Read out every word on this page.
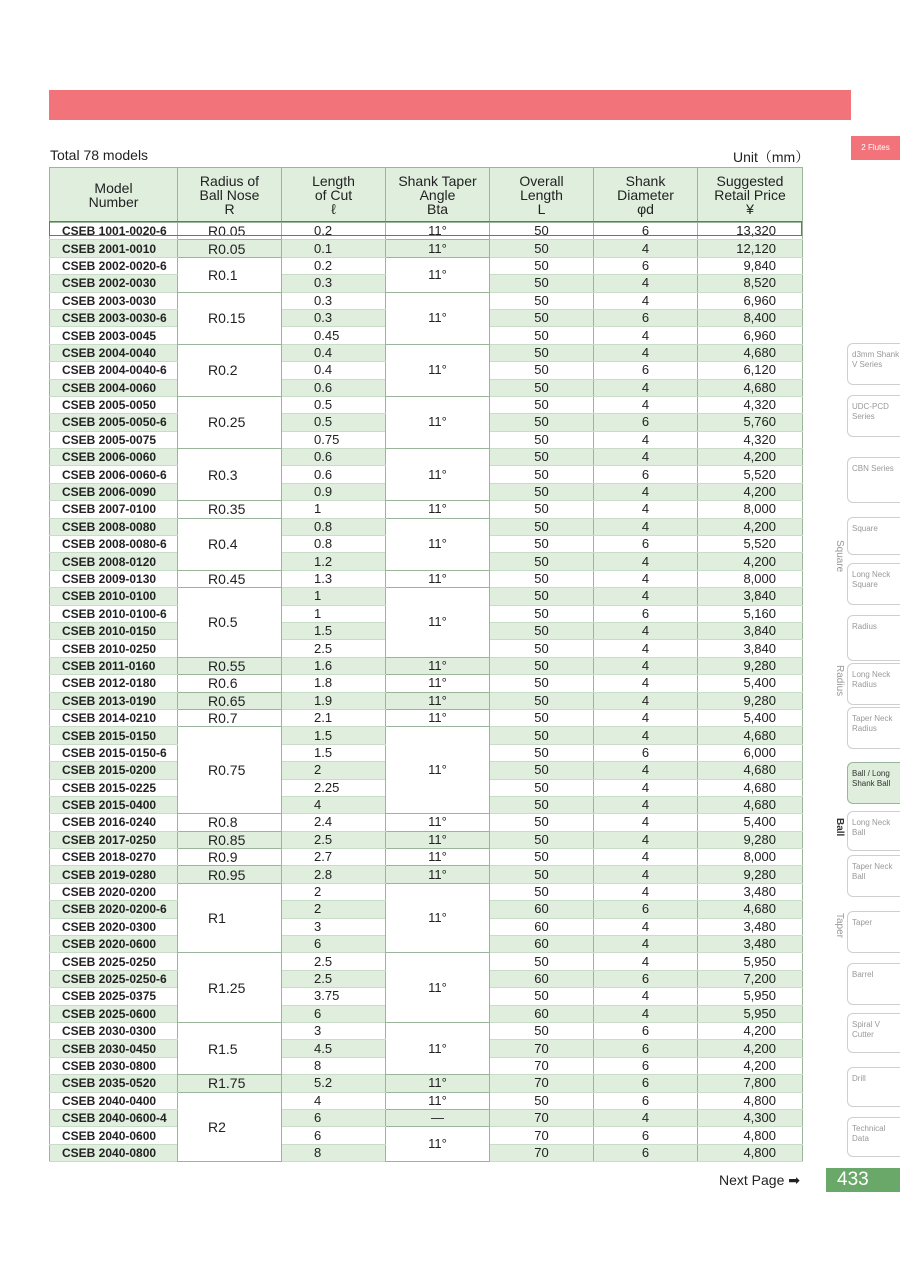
2 Flutes
Total 78 models	Unit（mm）
Model
Number	Radius of
Ball Nose
R	Length
of Cut
ℓ	Shank Taper
Angle
Bta	Overall
Length
L	Shank
Diameter
φd	Suggested
Retail Price
¥
CSEB 1001-0020-6	R0.05	0.2	11°	50	6	13,320
CSEB 2001-0010	R0.05	0.1	11°	50	4	12,120
CSEB 2002-0020-6	R0.1	0.2	11°	50	6	9,840
CSEB 2002-0030		0.3		50	4	8,520
CSEB 2003-0030	R0.15	0.3	11°	50	4	6,960
CSEB 2003-0030-6		0.3		50	6	8,400
CSEB 2003-0045		0.45		50	4	6,960
CSEB 2004-0040	R0.2	0.4	11°	50	4	4,680
CSEB 2004-0040-6		0.4		50	6	6,120
CSEB 2004-0060		0.6		50	4	4,680
CSEB 2005-0050	R0.25	0.5	11°	50	4	4,320
CSEB 2005-0050-6		0.5		50	6	5,760
CSEB 2005-0075		0.75		50	4	4,320
CSEB 2006-0060	R0.3	0.6	11°	50	4	4,200
CSEB 2006-0060-6		0.6		50	6	5,520
CSEB 2006-0090		0.9		50	4	4,200
CSEB 2007-0100	R0.35	1	11°	50	4	8,000
CSEB 2008-0080	R0.4	0.8	11°	50	4	4,200
CSEB 2008-0080-6		0.8		50	6	5,520
CSEB 2008-0120		1.2		50	4	4,200
CSEB 2009-0130	R0.45	1.3	11°	50	4	8,000
CSEB 2010-0100	R0.5	1	11°	50	4	3,840
CSEB 2010-0100-6		1		50	6	5,160
CSEB 2010-0150		1.5		50	4	3,840
CSEB 2010-0250		2.5		50	4	3,840
CSEB 2011-0160	R0.55	1.6	11°	50	4	9,280
CSEB 2012-0180	R0.6	1.8	11°	50	4	5,400
CSEB 2013-0190	R0.65	1.9	11°	50	4	9,280
CSEB 2014-0210	R0.7	2.1	11°	50	4	5,400
CSEB 2015-0150	R0.75	1.5	11°	50	4	4,680
CSEB 2015-0150-6		1.5		50	6	6,000
CSEB 2015-0200		2		50	4	4,680
CSEB 2015-0225		2.25		50	4	4,680
CSEB 2015-0400		4		50	4	4,680
CSEB 2016-0240	R0.8	2.4	11°	50	4	5,400
CSEB 2017-0250	R0.85	2.5	11°	50	4	9,280
CSEB 2018-0270	R0.9	2.7	11°	50	4	8,000
CSEB 2019-0280	R0.95	2.8	11°	50	4	9,280
CSEB 2020-0200	R1	2	11°	50	4	3,480
CSEB 2020-0200-6		2		60	6	4,680
CSEB 2020-0300		3		60	4	3,480
CSEB 2020-0600		6		60	4	3,480
CSEB 2025-0250	R1.25	2.5	11°	50	4	5,950
CSEB 2025-0250-6		2.5		60	6	7,200
CSEB 2025-0375		3.75		50	4	5,950
CSEB 2025-0600		6		60	4	5,950
CSEB 2030-0300	R1.5	3	11°	50	6	4,200
CSEB 2030-0450		4.5		70	6	4,200
CSEB 2030-0800		8		70	6	4,200
CSEB 2035-0520	R1.75	5.2	11°	70	6	7,800
CSEB 2040-0400	R2	4	11°	50	6	4,800
CSEB 2040-0600-4		6	—	70	4	4,300
CSEB 2040-0600		6	11°	70	6	4,800
CSEB 2040-0800		8		70	6	4,800
d3mm Shank V Series
UDC-PCD Series
CBN Series
Square
Long Neck Square
Radius
Long Neck Radius
Taper Neck Radius
Ball / Long Shank Ball
Long Neck Ball
Taper Neck Ball
Taper
Barrel
Spiral V Cutter
Drill
Technical Data
Square
Radius
Ball
Taper
Next Page ➡	433
